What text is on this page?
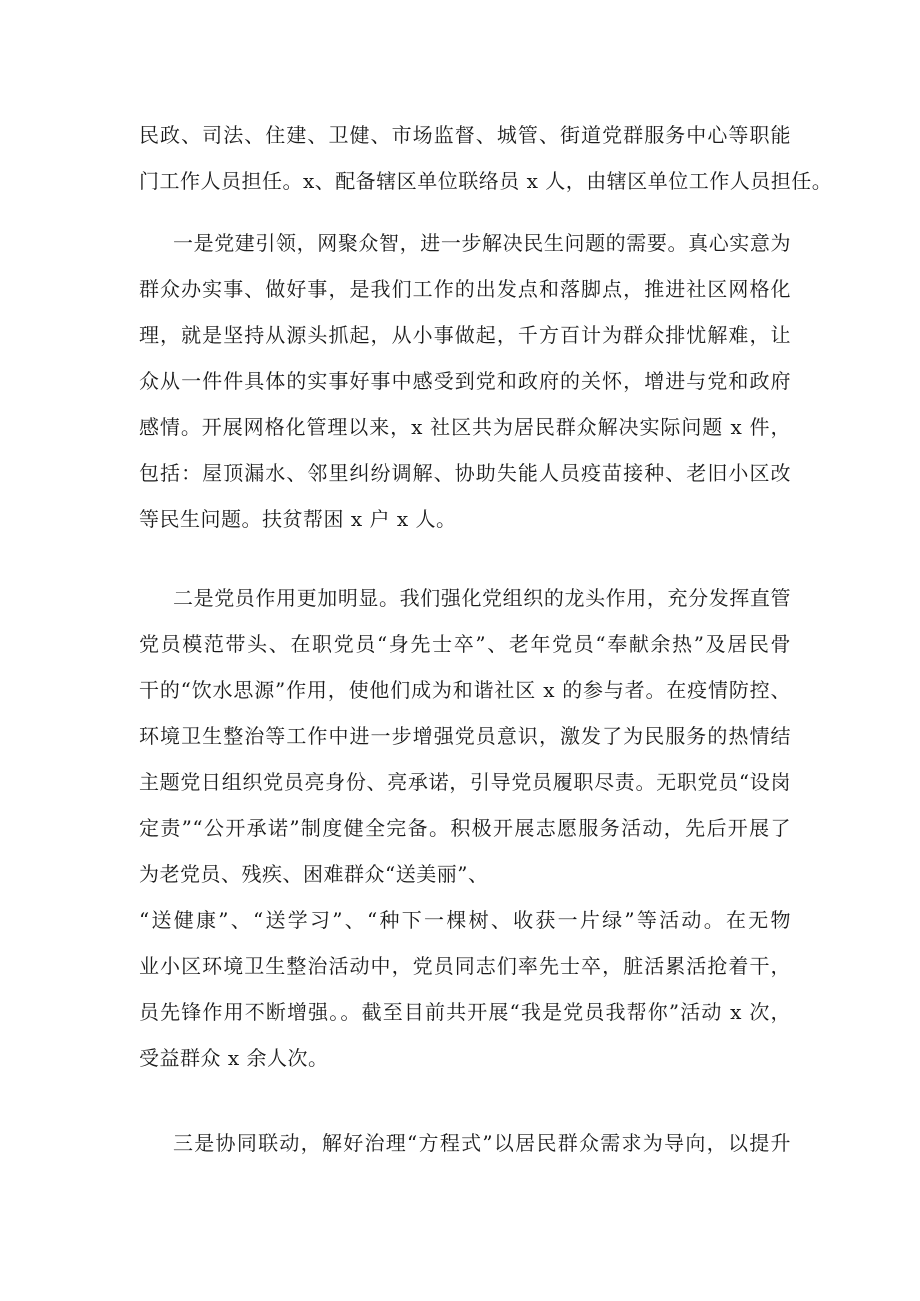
民政、司法、住建、卫健、市场监督、城管、街道党群服务中心等职能
门工作人员担任。x、配备辖区单位联络员 x 人，由辖区单位工作人员担任。
一是党建引领，网聚众智，进一步解决民生问题的需要。真心实意为
群众办实事、做好事，是我们工作的出发点和落脚点，推进社区网格化
理，就是坚持从源头抓起，从小事做起，千方百计为群众排忧解难，让
众从一件件具体的实事好事中感受到党和政府的关怀，增进与党和政府
感情。开展网格化管理以来，x 社区共为居民群众解决实际问题 x 件，
包括：屋顶漏水、邻里纠纷调解、协助失能人员疫苗接种、老旧小区改
等民生问题。扶贫帮困 x 户 x 人。
二是党员作用更加明显。我们强化党组织的龙头作用，充分发挥直管
党员模范带头、在职党员“身先士卒”、老年党员“奉献余热”及居民骨
干的“饮水思源”作用，使他们成为和谐社区 x 的参与者。在疫情防控、
环境卫生整治等工作中进一步增强党员意识，激发了为民服务的热情结
主题党日组织党员亮身份、亮承诺，引导党员履职尽责。无职党员“设岗
定责”“公开承诺”制度健全完备。积极开展志愿服务活动，先后开展了
为老党员、残疾、困难群众“送美丽”、
“送健康”、“送学习”、“种下一棵树、收获一片绿”等活动。在无物
业小区环境卫生整治活动中，党员同志们率先士卒，脏活累活抢着干，
员先锋作用不断增强。。截至目前共开展“我是党员我帮你”活动 x 次，
受益群众 x 余人次。
三是协同联动，解好治理“方程式”以居民群众需求为导向，以提升
